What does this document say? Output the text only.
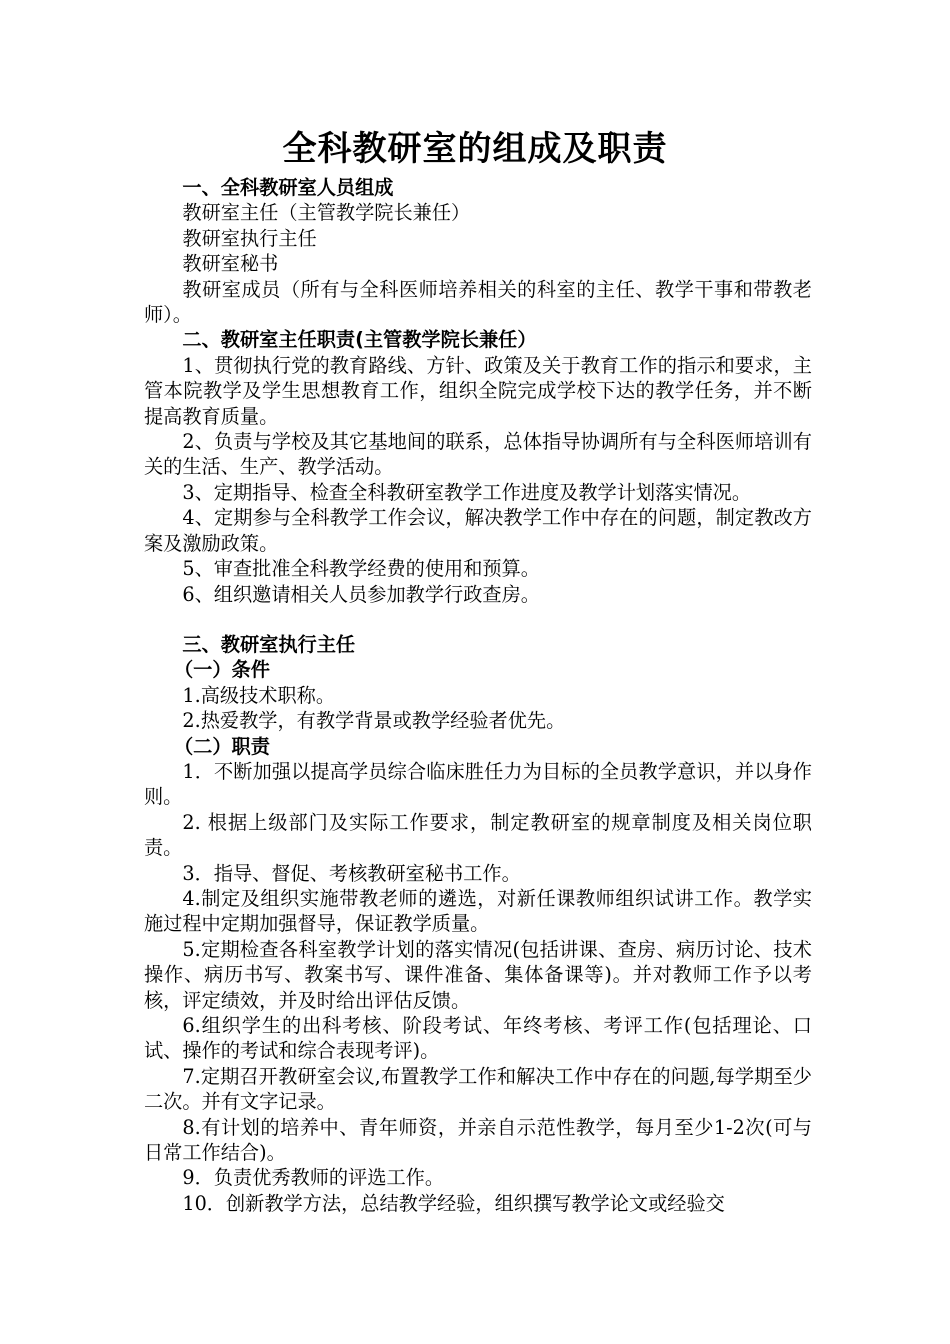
全科教研室的组成及职责

一、全科教研室人员组成

教研室主任（主管教学院长兼任）

教研室执行主任

教研室秘书

教研室成员（所有与全科医师培养相关的科室的主任、教学干事和带教老师）。

二、教研室主任职责(主管教学院长兼任）

1、贯彻执行党的教育路线、方针、政策及关于教育工作的指示和要求，主管本院教学及学生思想教育工作，组织全院完成学校下达的教学任务，并不断提高教育质量。

2、负责与学校及其它基地间的联系，总体指导协调所有与全科医师培训有关的生活、生产、教学活动。

3、定期指导、检查全科教研室教学工作进度及教学计划落实情况。

4、定期参与全科教学工作会议，解决教学工作中存在的问题，制定教改方案及激励政策。

5、审查批准全科教学经费的使用和预算。

6、组织邀请相关人员参加教学行政查房。

三、教研室执行主任

（一）条件

1.高级技术职称。

2.热爱教学，有教学背景或教学经验者优先。

（二）职责

1．不断加强以提高学员综合临床胜任力为目标的全员教学意识，并以身作则。

2. 根据上级部门及实际工作要求，制定教研室的规章制度及相关岗位职责。

3．指导、督促、考核教研室秘书工作。

4.制定及组织实施带教老师的遴选，对新任课教师组织试讲工作。教学实施过程中定期加强督导，保证教学质量。

5.定期检查各科室教学计划的落实情况(包括讲课、查房、病历讨论、技术操作、病历书写、教案书写、课件准备、集体备课等)。并对教师工作予以考核，评定绩效，并及时给出评估反馈。

6.组织学生的出科考核、阶段考试、年终考核、考评工作(包括理论、口试、操作的考试和综合表现考评)。

7.定期召开教研室会议,布置教学工作和解决工作中存在的问题,每学期至少二次。并有文字记录。

8.有计划的培养中、青年师资，并亲自示范性教学，每月至少1-2次(可与日常工作结合)。

9．负责优秀教师的评选工作。

10．创新教学方法，总结教学经验，组织撰写教学论文或经验交
